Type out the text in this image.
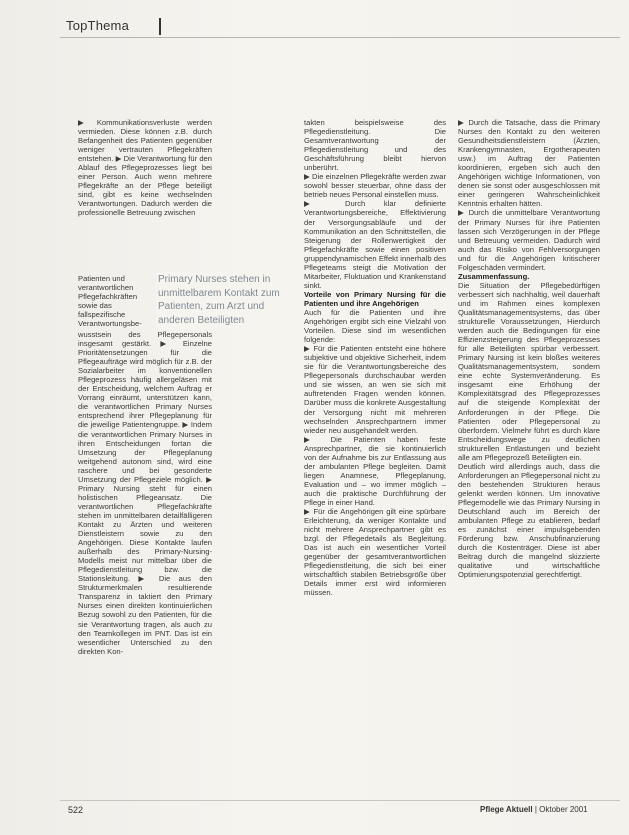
TopThema
▶ Kommunikationsverluste werden vermieden. Diese können z.B. durch Befangenheit des Patienten gegenüber weniger vertrauten Pflegekräften entstehen. ▶ Die Verantwortung für den Ablauf des Pflegeprozesses liegt bei einer Person. Auch wenn mehrere Pflegekräfte an der Pflege beteiligt sind, gibt es keine wechselnden Verantwortungen. Dadurch werden die professionelle Betreuung zwischen
Patienten und verantwortlichen Pflegefachkräften sowie das fallspezifische Verantwortungsbe-
Primary Nurses stehen in unmittelbarem Kontakt zum Patienten, zum Arzt und anderen Beteiligten
wusstsein des Pflegepersonals insgesamt gestärkt. ▶ Einzelne Prioritätensetzungen für die Pflegeaufträge wird möglich für z.B. der Sozialarbeiter im konventionellen Pflegeprozess häufig allergeläsen mit der Entscheidung, welchem Auftrag er Vorrang einräumt, unterstützen kann, die verantwortlichen Primary Nurses entsprechend ihrer Pflegeplanung für die jeweilige Patientengruppe. ▶ Indem die verantwortlichen Primary Nurses in ihren Entscheidungen fortan die Umsetzung der Pflegeplanung weitgehend autonom sind, wird eine raschere und bei gesonderte Umsetzung der Pflegeziele möglich. ▶ Primary Nursing steht für einen holistischen Pflegeansatz. Die verantwortlichen Pflegefachkräfte stehen im unmittelbaren detailfälligeren Kontakt zu Ärzten und weiteren Dienstleistern sowie zu den Angehörigen. Diese Kontakte laufen außerhalb des Primary-Nursing-Modells meist nur mittelbar über die Pflegedienstleitung bzw. die Stationsleitung. ▶ Die aus den Strukturmerkmalen resultierende Transparenz in taktiert den Primary Nurses einen direkten kontinuierlichen Bezug sowohl zu den Patienten, für die sie Verantwortung tragen, als auch zu den Teamkollegen im PNT. Das ist ein wesentlicher Unterschied zu den direkten Kon-

takten beispielsweise des Pflegedienstleitung. Die Gesamtverantwortung der Pflegedienstleitung und des Geschäftsführung bleibt hiervon unberührt.

▶ Die einzelnen Pflegekräfte werden zwar sowohl besser steuerbar, ohne dass der betrieb neues Personal einstellen muss.

▶ Durch klar definierte Verantwortungsbereiche, Effektivierung der Versorgungsabläufe und der Kommunikation an den Schnittstellen, die Steigerung der Rollenwertigkeit der Pflegefachkräfte sowie einen positiven gruppendynamischen Effekt innerhalb des Pflegeteams steigt die Motivation der Mitarbeiter, Fluktuation und Krankenstand sinkt.

Vorteile von Primary Nursing für die Patienten und ihre Angehörigen

Auch für die Patienten und ihre Angehörigen ergibt sich eine Vielzahl von Vorteilen. Diese sind im wesentlichen folgende:

▶ Für die Patienten entsteht eine höhere subjektive und objektive Sicherheit, indem sie für die Verantwortungsbereiche des Pflegepersonals durchschaubar werden und sie wissen, an wen sie sich mit auftretenden Fragen wenden können. Darüber muss die konkrete Ausgestaltung der Versorgung nicht mit mehreren wechselnden Ansprechpartnern immer wieder neu ausgehandelt werden.

▶ Die Patienten haben feste Ansprechpartner, die sie kontinuierlich von der Aufnahme bis zur Entlassung aus der ambulanten Pflege begleiten. Damit liegen Anamnese, Pflegeplanung, Evaluation und – wo immer möglich – auch die praktische Durchführung der Pflege in einer Hand.

▶ Für die Angehörigen gilt eine spürbare Erleichterung, da weniger Kontakte und nicht mehrere Ansprechpartner gibt es bzgl. der Pflegedetails als Begleitung. Das ist auch ein wesentlicher Vorteil gegenüber der gesamtverantwortlichen Pflegedienstleitung, die sich bei einer wirtschaftlich stabilen Betriebsgröße über Details immer erst wird informieren müssen.

▶ Durch die Tatsache, dass die Primary Nurses den Kontakt zu den weiteren Gesundheitsdienstleistern (Ärzten, Krankengymnasten, Ergotherapeuten usw.) im Auftrag der Patienten koordinieren, ergeben sich auch den Angehörigen wichtige Informationen, von denen sie sonst oder ausgeschlossen mit einer geringeren Wahrscheinlichkeit Kenntnis erhalten hätten.

▶ Durch die unmittelbare Verantwortung der Primary Nurses für ihre Patienten lassen sich Verzögerungen in der Pflege und Betreuung vermeiden. Dadurch wird auch das Risiko von Fehlversorgungen und für die Angehörigen kritischerer Folgeschäden vermindert.

Zusammenfassung.

Die Situation der Pflegebedürftigen verbessert sich nachhaltig, weil dauerhaft und im Rahmen eines komplexen Qualitätsmanagementsystems, das über strukturelle Voraussetzungen, Hierdurch werden auch die Bedingungen für eine Effizienzsteigerung des Pflegeprozesses für alle Beteiligten spürbar verbessert. Primary Nursing ist kein bloßes weiteres Qualitätsmanagementsystem, sondern eine echte Systemveränderung. Es insgesamt eine Erhöhung der Komplexitätsgrad des Pflegeprozesses auf die steigende Komplexität der Anforderungen in der Pflege. Die Patienten oder Pflegepersonal zu überfordern. Vielmehr führt es durch klare Entscheidungswege zu deutlichen strukturellen Entlastungen und bezieht alle am Pflegeprozeß Beteiligten ein.

Deutlich wird allerdings auch, dass die Anforderungen an Pflegepersonal nicht zu den bestehenden Strukturen heraus gelenkt werden können. Um innovative Pflegemodelle wie das Primary Nursing in Deutschland auch im Bereich der ambulanten Pflege zu etablieren, bedarf es zunächst einer impulsgebenden Förderung bzw. Anschubfinanzierung durch die Kostenträger. Diese ist aber Beitrag durch die mangelnd skizzierte qualitative und wirtschaftliche Optimierungspotenzial gerechtfertigt.

522	Pflege Aktuell | Oktober 2001
